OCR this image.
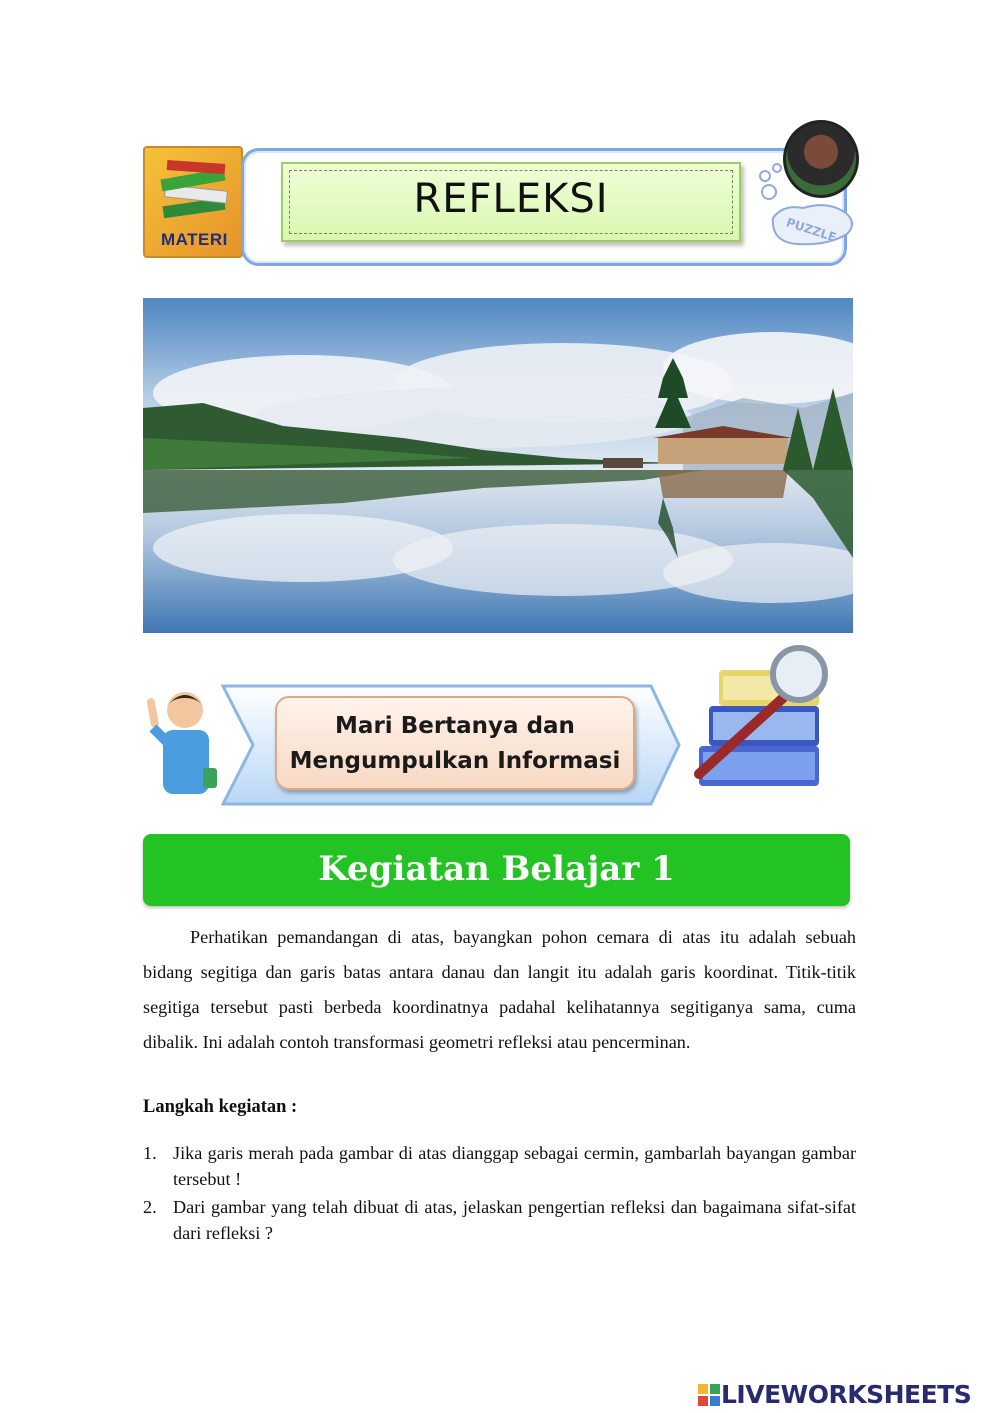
MATERI
REFLEKSI
PUZZLE
Mari Bertanya dan
Mengumpulkan Informasi
Kegiatan Belajar 1

Perhatikan pemandangan di atas, bayangkan pohon cemara di atas itu adalah sebuah bidang segitiga dan garis batas antara danau dan langit itu adalah garis koordinat. Titik-titik segitiga tersebut pasti berbeda koordinatnya padahal kelihatannya segitiganya sama, cuma dibalik. Ini adalah contoh transformasi geometri refleksi atau pencerminan.

Langkah kegiatan :
1. Jika garis merah pada gambar di atas dianggap sebagai cermin, gambarlah bayangan gambar tersebut !
2. Dari gambar yang telah dibuat di atas, jelaskan pengertian refleksi dan bagaimana sifat-sifat dari refleksi ?
LIVEWORKSHEETS
